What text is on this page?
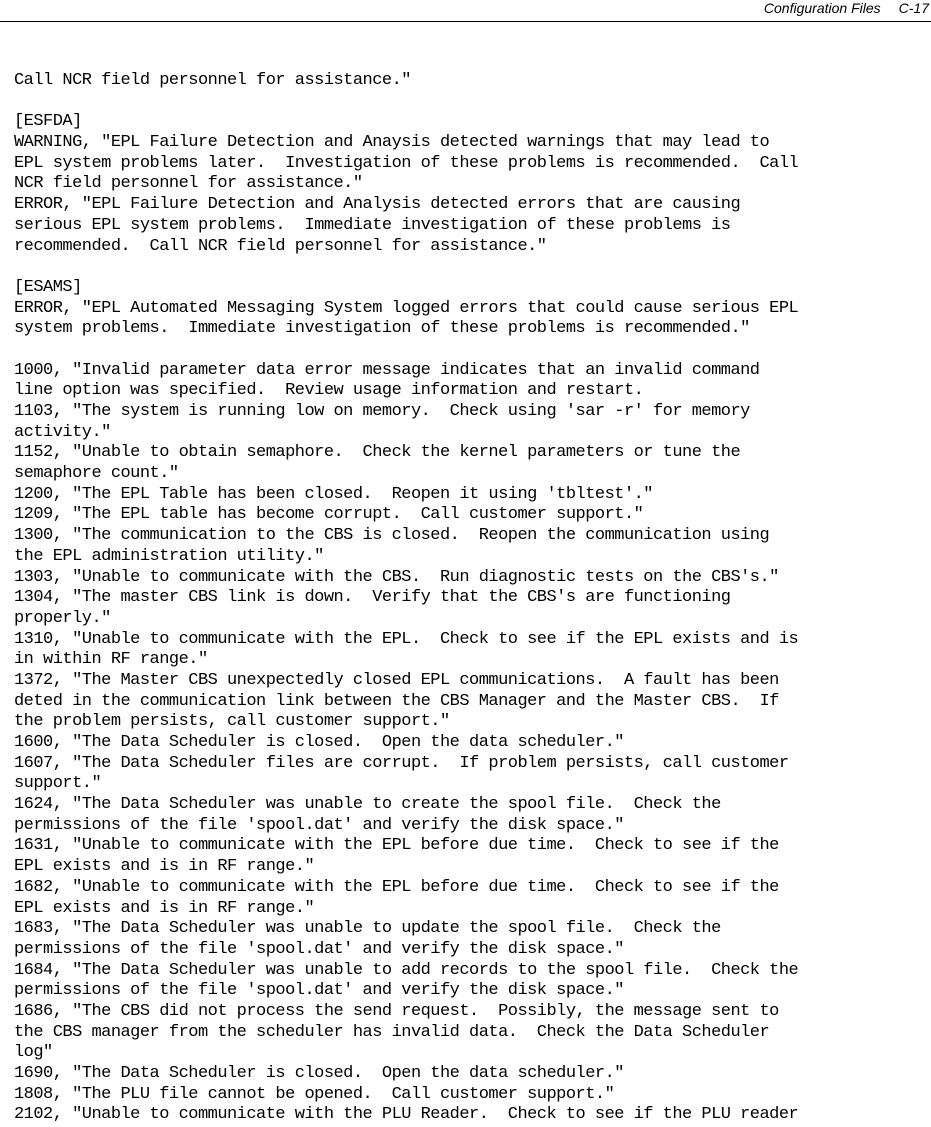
Configuration Files C-17
Call NCR field personnel for assistance."
[ESFDA]
WARNING, "EPL Failure Detection and Anaysis detected warnings that may lead to
EPL system problems later.  Investigation of these problems is recommended.  Call
NCR field personnel for assistance."
ERROR, "EPL Failure Detection and Analysis detected errors that are causing
serious EPL system problems.  Immediate investigation of these problems is
recommended.  Call NCR field personnel for assistance."
[ESAMS]
ERROR, "EPL Automated Messaging System logged errors that could cause serious EPL
system problems.  Immediate investigation of these problems is recommended."
1000, "Invalid parameter data error message indicates that an invalid command
line option was specified.  Review usage information and restart.
1103, "The system is running low on memory.  Check using 'sar -r' for memory
activity."
1152, "Unable to obtain semaphore.  Check the kernel parameters or tune the
semaphore count."
1200, "The EPL Table has been closed.  Reopen it using 'tbltest'."
1209, "The EPL table has become corrupt.  Call customer support."
1300, "The communication to the CBS is closed.  Reopen the communication using
the EPL administration utility."
1303, "Unable to communicate with the CBS.  Run diagnostic tests on the CBS's."
1304, "The master CBS link is down.  Verify that the CBS's are functioning
properly."
1310, "Unable to communicate with the EPL.  Check to see if the EPL exists and is
in within RF range."
1372, "The Master CBS unexpectedly closed EPL communications.  A fault has been
deted in the communication link between the CBS Manager and the Master CBS.  If
the problem persists, call customer support."
1600, "The Data Scheduler is closed.  Open the data scheduler."
1607, "The Data Scheduler files are corrupt.  If problem persists, call customer
support."
1624, "The Data Scheduler was unable to create the spool file.  Check the
permissions of the file 'spool.dat' and verify the disk space."
1631, "Unable to communicate with the EPL before due time.  Check to see if the
EPL exists and is in RF range."
1682, "Unable to communicate with the EPL before due time.  Check to see if the
EPL exists and is in RF range."
1683, "The Data Scheduler was unable to update the spool file.  Check the
permissions of the file 'spool.dat' and verify the disk space."
1684, "The Data Scheduler was unable to add records to the spool file.  Check the
permissions of the file 'spool.dat' and verify the disk space."
1686, "The CBS did not process the send request.  Possibly, the message sent to
the CBS manager from the scheduler has invalid data.  Check the Data Scheduler
log"
1690, "The Data Scheduler is closed.  Open the data scheduler."
1808, "The PLU file cannot be opened.  Call customer support."
2102, "Unable to communicate with the PLU Reader.  Check to see if the PLU reader
